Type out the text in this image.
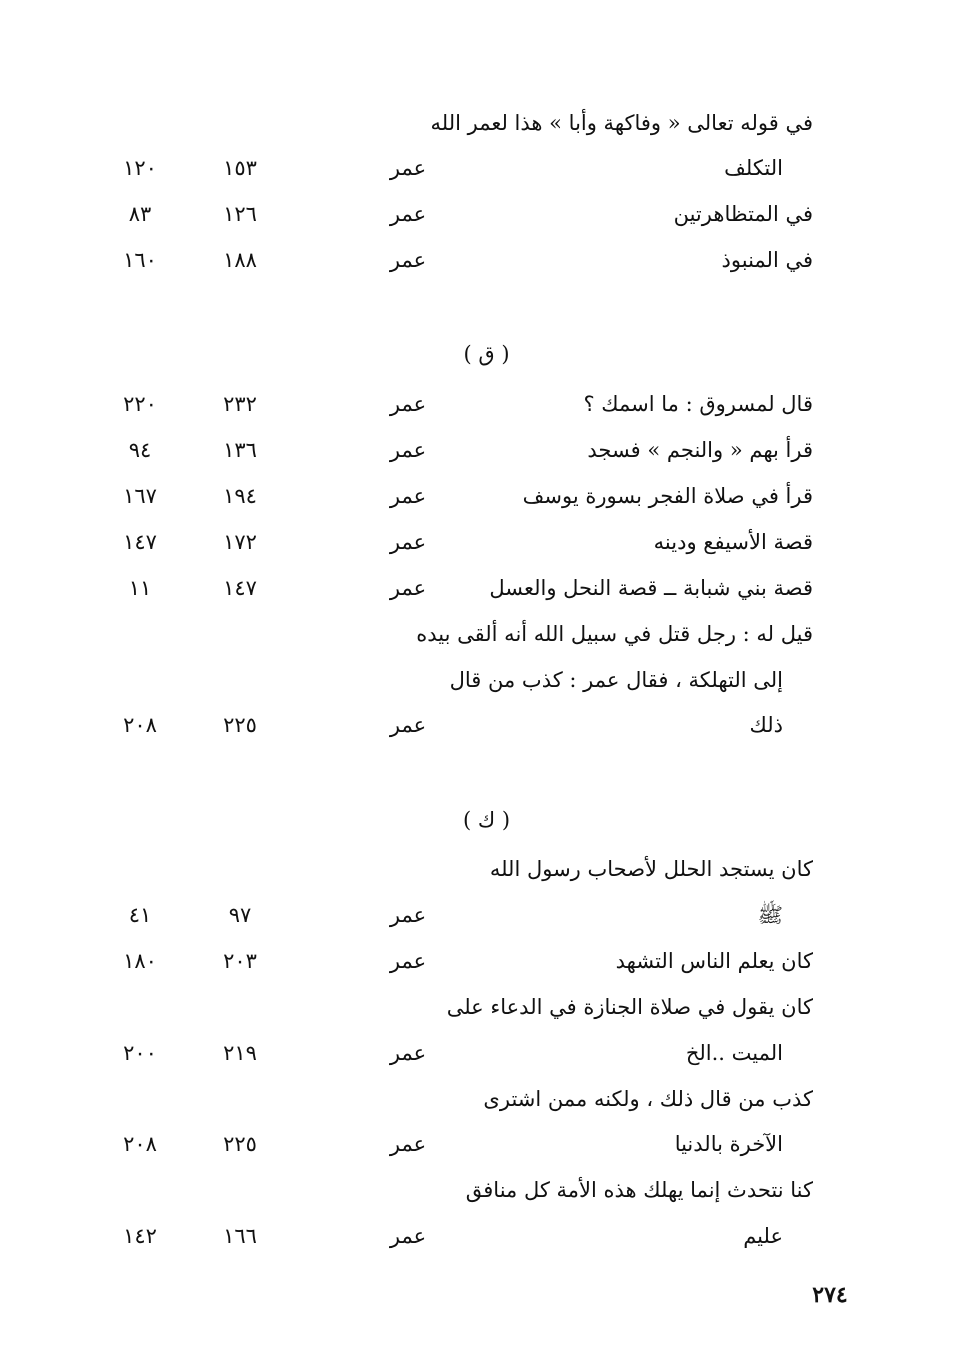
في قوله تعالى « وفاكهة وأبا » هذا لعمر الله
التكلف
عمر
١٥٣
١٢٠
في المتظاهرتين
عمر
١٢٦
٨٣
في المنبوذ
عمر
١٨٨
١٦٠
( ق )
قال لمسروق : ما اسمك ؟
عمر
٢٣٢
٢٢٠
قرأ بهم « والنجم » فسجد
عمر
١٣٦
٩٤
قرأ في صلاة الفجر بسورة يوسف
عمر
١٩٤
١٦٧
قصة الأسيفع ودينه
عمر
١٧٢
١٤٧
قصة بني شبابة ــ قصة النحل والعسل
عمر
١٤٧
١١
قيل له : رجل قتل في سبيل الله أنه ألقى بيده
إلى التهلكة ، فقال عمر : كذب من قال
ذلك
عمر
٢٢٥
٢٠٨
( ك )
كان يستجد الحلل لأصحاب رسول الله
ﷺ
عمر
٩٧
٤١
كان يعلم الناس التشهد
عمر
٢٠٣
١٨٠
كان يقول في صلاة الجنازة في الدعاء على
الميت ..الخ
عمر
٢١٩
٢٠٠
كذب من قال ذلك ، ولكنه ممن اشترى
الآخرة بالدنيا
عمر
٢٢٥
٢٠٨
كنا نتحدث إنما يهلك هذه الأمة كل منافق
عليم
عمر
١٦٦
١٤٢
٢٧٤
